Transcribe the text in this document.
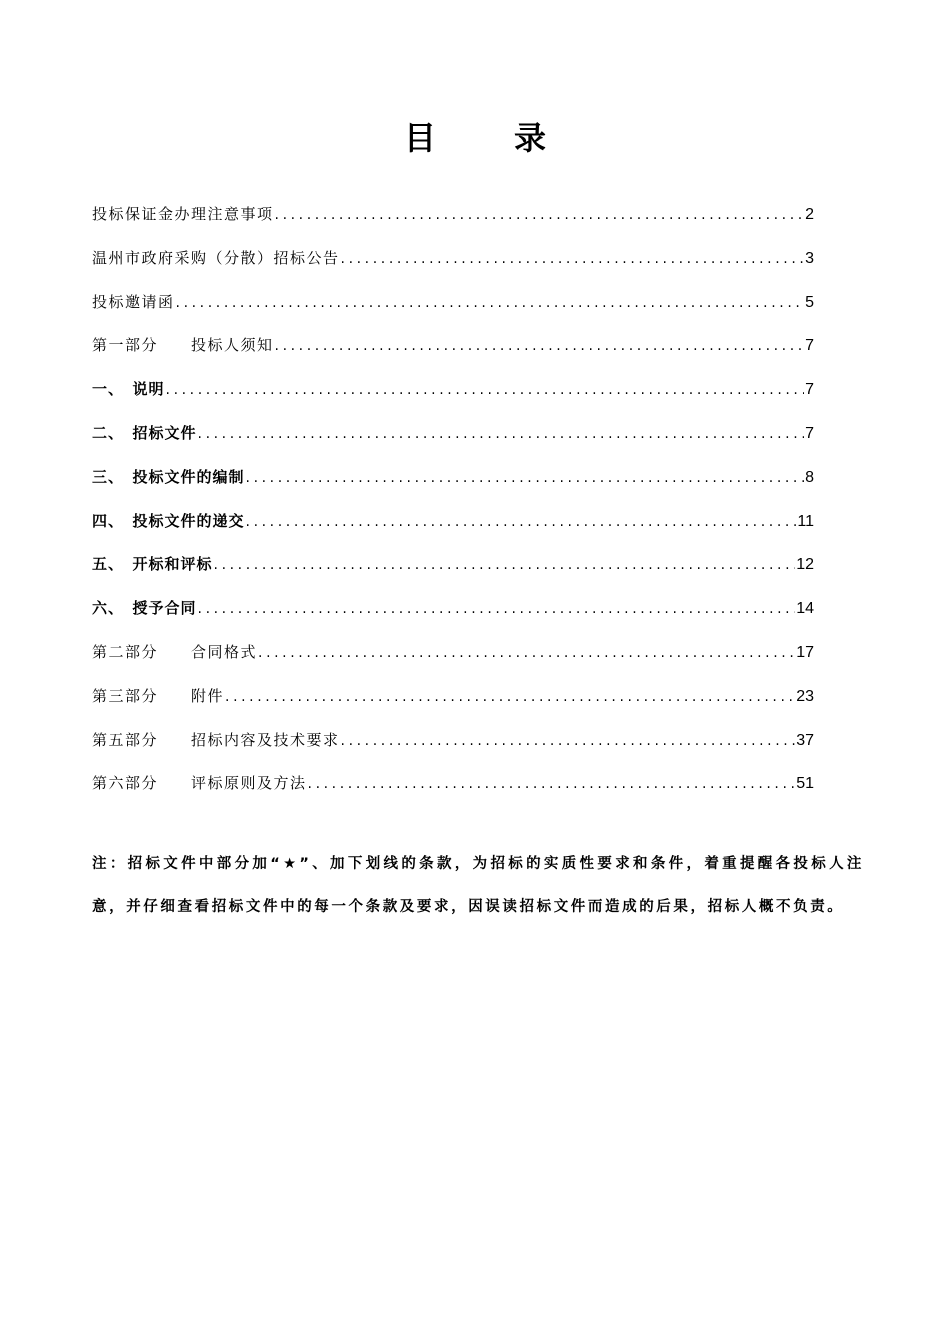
目录
投标保证金办理注意事项 .....	2
温州市政府采购（分散）招标公告 .....	3
投标邀请函 .....	5
第一部分　　投标人须知 .....	7
一、　说明 .....	7
二、　招标文件 .....	7
三、　投标文件的编制 .....	8
四、　投标文件的递交 .....	11
五、　开标和评标 .....	12
六、　授予合同 .....	14
第二部分　　合同格式 .....	17
第三部分　　附件 .....	23
第五部分　　招标内容及技术要求 .....	37
第六部分　　评标原则及方法 .....	51
注：招标文件中部分加“★”、加下划线的条款，为招标的实质性要求和条件，着重提醒各投标人注意，并仔细查看招标文件中的每一个条款及要求，因误读招标文件而造成的后果，招标人概不负责。
